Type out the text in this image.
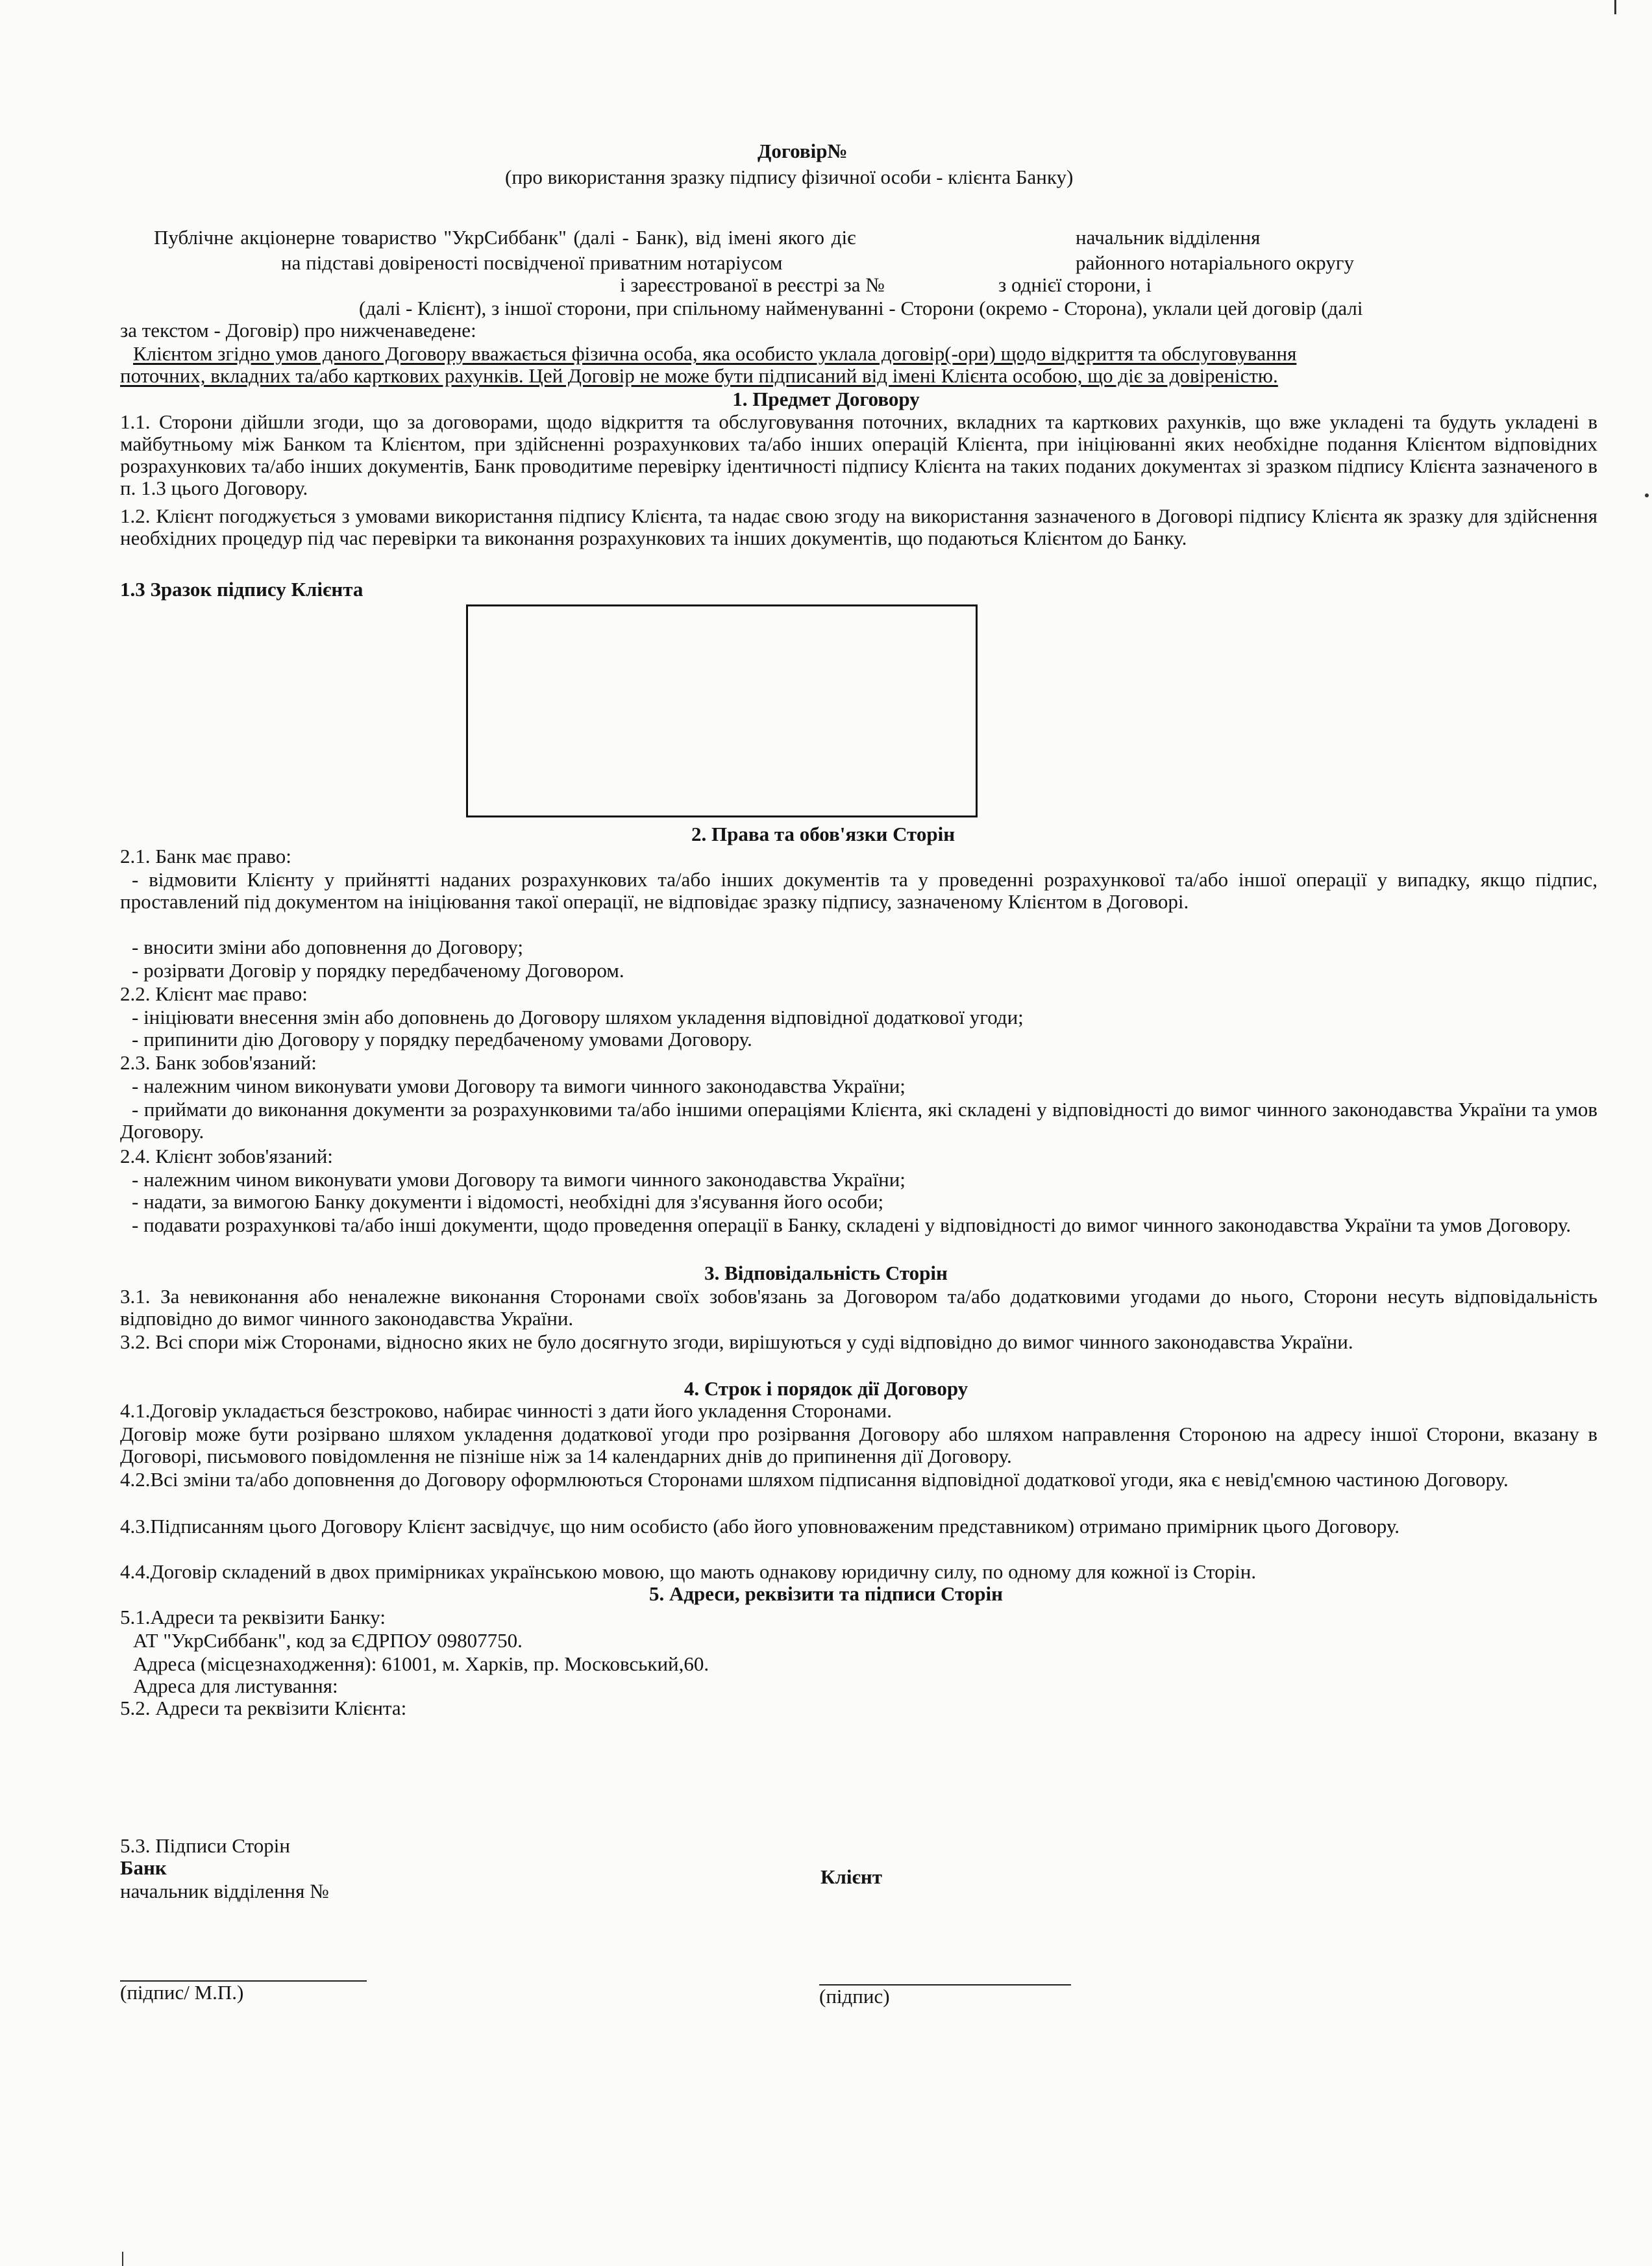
Договір№
(про використання зразку підпису фізичної особи - клієнта Банку)
Публічне акціонерне товариство "УкрСиббанк" (далі - Банк), від імені якого діє	начальник відділення
на підставі довіреності посвідченої приватним нотаріусом	районного нотаріального округу
і зареєстрованої в реєстрі за №	з однієї сторони, і
(далі - Клієнт), з іншої сторони, при спільному найменуванні - Сторони (окремо - Сторона), уклали цей договір (далі
за текстом - Договір) про нижченаведене:
Клієнтом згідно умов даного Договору вважається фізична особа, яка особисто уклала договір(-ори) щодо відкриття та обслуговування
поточних, вкладних та/або карткових рахунків. Цей Договір не може бути підписаний від імені Клієнта особою, що діє за довіреністю.
1. Предмет Договору
1.1. Сторони дійшли згоди, що за договорами, щодо відкриття та обслуговування поточних, вкладних та карткових рахунків, що вже укладені та будуть укладені в майбутньому між Банком та Клієнтом, при здійсненні розрахункових та/або інших операцій Клієнта, при ініціюванні яких необхідне подання Клієнтом відповідних розрахункових та/або інших документів, Банк проводитиме перевірку ідентичності підпису Клієнта на таких поданих документах зі зразком підпису Клієнта зазначеного в п. 1.3 цього Договору.
1.2. Клієнт погоджується з умовами використання підпису Клієнта, та надає свою згоду на використання зазначеного в Договорі підпису Клієнта як зразку для здійснення необхідних процедур під час перевірки та виконання розрахункових та інших документів, що подаються Клієнтом до Банку.
1.3 Зразок підпису Клієнта
2. Права та обов'язки Сторін
2.1. Банк має право:
- відмовити Клієнту у прийнятті наданих розрахункових та/або інших документів та у проведенні розрахункової та/або іншої операції у випадку, якщо підпис, проставлений під документом на ініціювання такої операції, не відповідає зразку підпису, зазначеному Клієнтом в Договорі.
- вносити зміни або доповнення до Договору;
- розірвати Договір у порядку передбаченому Договором.
2.2. Клієнт має право:
- ініціювати внесення змін або доповнень до Договору шляхом укладення відповідної додаткової угоди;
- припинити дію Договору у порядку передбаченому умовами Договору.
2.3. Банк зобов'язаний:
- належним чином виконувати умови Договору та вимоги чинного законодавства України;
- приймати до виконання документи за розрахунковими та/або іншими операціями Клієнта, які складені у відповідності до вимог чинного законодавства України та умов Договору.
2.4. Клієнт зобов'язаний:
- належним чином виконувати умови Договору та вимоги чинного законодавства України;
- надати, за вимогою Банку документи і відомості, необхідні для з'ясування його особи;
- подавати розрахункові та/або інші документи, щодо проведення операції в Банку, складені у відповідності до вимог чинного законодавства України та умов Договору.
3. Відповідальність Сторін
3.1. За невиконання або неналежне виконання Сторонами своїх зобов'язань за Договором та/або додатковими угодами до нього, Сторони несуть відповідальність відповідно до вимог чинного законодавства України.
3.2. Всі спори між Сторонами, відносно яких не було досягнуто згоди, вирішуються у суді відповідно до вимог чинного законодавства України.
4. Строк і порядок дії Договору
4.1.Договір укладається безстроково, набирає чинності з дати його укладення Сторонами.
Договір може бути розірвано шляхом укладення додаткової угоди про розірвання Договору або шляхом направлення Стороною на адресу іншої Сторони, вказану в Договорі, письмового повідомлення не пізніше ніж за 14 календарних днів до припинення дії Договору.
4.2.Всі зміни та/або доповнення до Договору оформлюються Сторонами шляхом підписання відповідної додаткової угоди, яка є невід'ємною частиною Договору.
4.3.Підписанням цього Договору Клієнт засвідчує, що ним особисто (або його уповноваженим представником) отримано примірник цього Договору.
4.4.Договір складений в двох примірниках українською мовою, що мають однакову юридичну силу, по одному для кожної із Сторін.
5. Адреси, реквізити та підписи Сторін
5.1.Адреси та реквізити Банку:
АТ "УкрСиббанк", код за ЄДРПОУ 09807750.
Адреса (місцезнаходження): 61001, м. Харків, пр. Московський,60.
Адреса для листування:
5.2. Адреси та реквізити Клієнта:
5.3. Підписи Сторін
Банк
начальник відділення №
Клієнт
(підпис/ М.П.)	(підпис)
